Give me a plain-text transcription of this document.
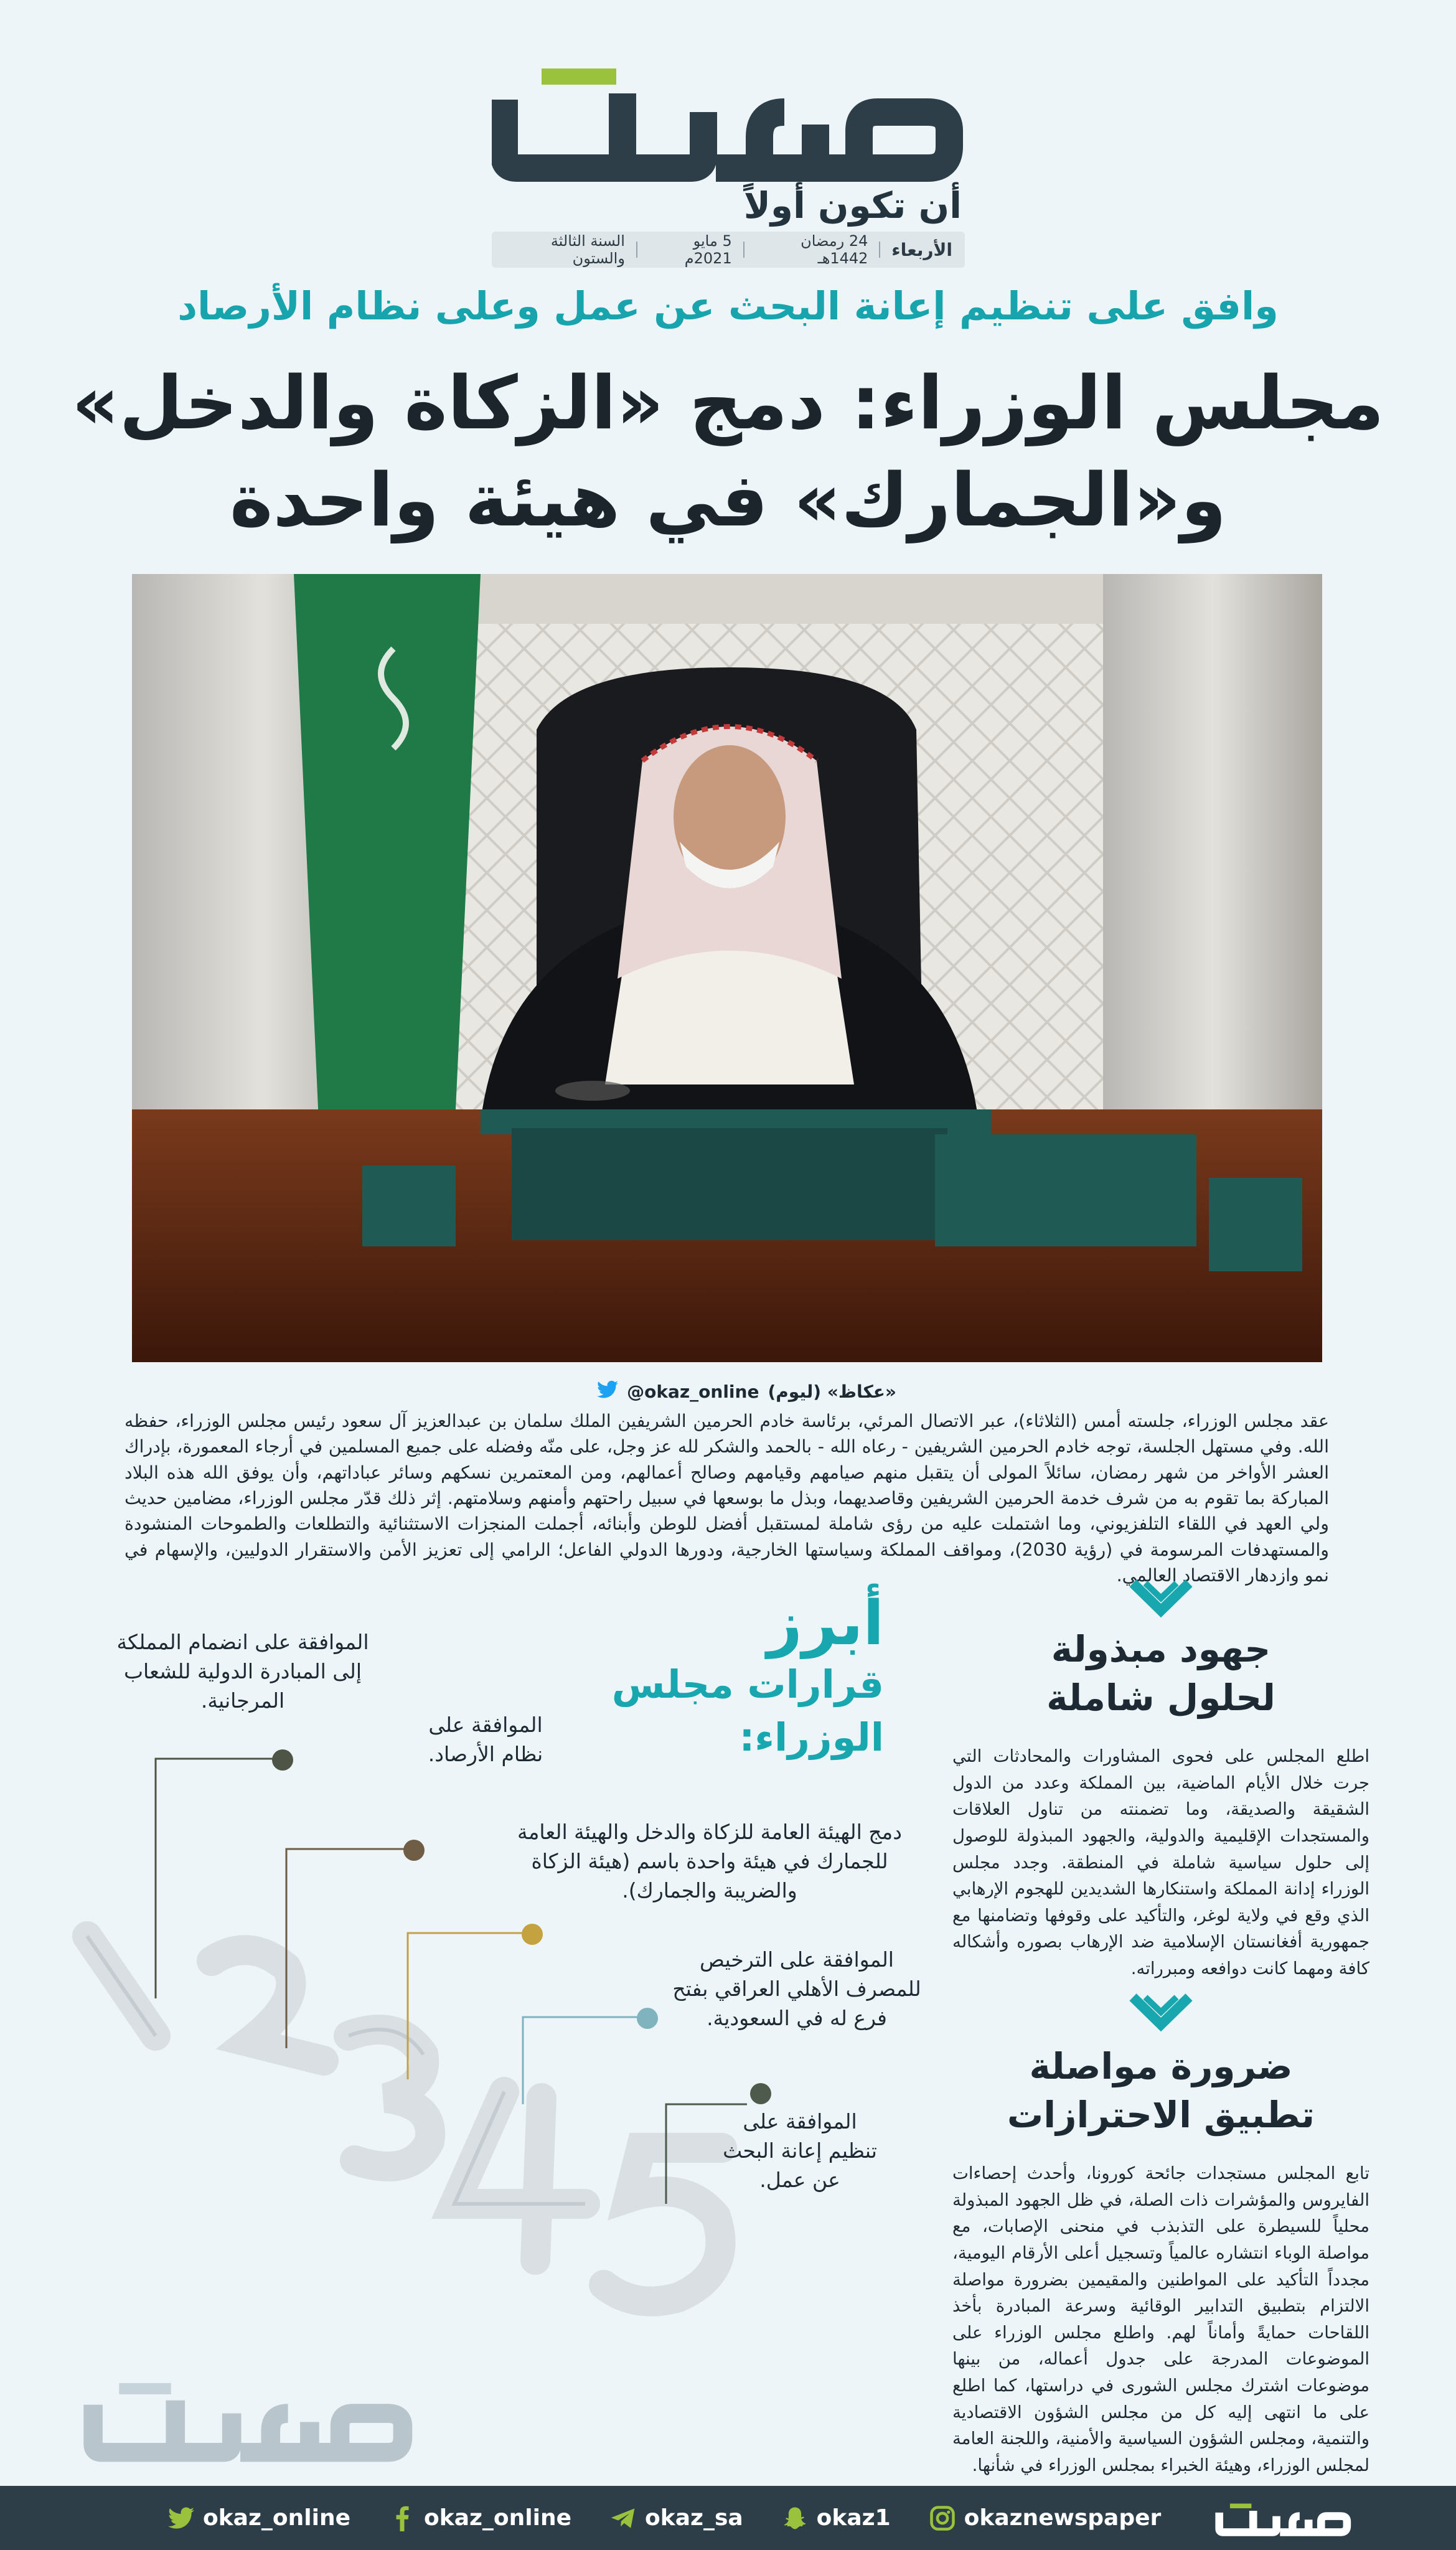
أن تكون أولاً
الأربعاء
24 رمضان 1442هـ
5 مايو 2021م
السنة الثالثة والستون
وافق على تنظيم إعانة البحث عن عمل وعلى نظام الأرصاد
مجلس الوزراء: دمج «الزكاة والدخل»
و«الجمارك» في هيئة واحدة
«عكاظ» (ليوم)
okaz_online@
عقد مجلس الوزراء، جلسته أمس (الثلاثاء)، عبر الاتصال المرئي، برئاسة خادم الحرمين الشريفين الملك سلمان بن عبدالعزيز آل سعود رئيس مجلس الوزراء، حفظه الله. وفي مستهل الجلسة، توجه خادم الحرمين الشريفين - رعاه الله - بالحمد والشكر لله عز وجل، على منّه وفضله على جميع المسلمين في أرجاء المعمورة، بإدراك العشر الأواخر من شهر رمضان، سائلاً المولى أن يتقبل منهم صيامهم وقيامهم وصالح أعمالهم، ومن المعتمرين نسكهم وسائر عباداتهم، وأن يوفق الله هذه البلاد المباركة بما تقوم به من شرف خدمة الحرمين الشريفين وقاصديهما، وبذل ما بوسعها في سبيل راحتهم وأمنهم وسلامتهم. إثر ذلك قدّر مجلس الوزراء، مضامين حديث ولي العهد في اللقاء التلفزيوني، وما اشتملت عليه من رؤى شاملة لمستقبل أفضل للوطن وأبنائه، أجملت المنجزات الاستثنائية والتطلعات والطموحات المنشودة والمستهدفات المرسومة في (رؤية 2030)، ومواقف المملكة وسياستها الخارجية، ودورها الدولي الفاعل؛ الرامي إلى تعزيز الأمن والاستقرار الدوليين، والإسهام في نمو وازدهار الاقتصاد العالمي.
الموافقة على انضمام المملكة إلى المبادرة الدولية للشعاب المرجانية.
الموافقة على نظام الأرصاد.
دمج الهيئة العامة للزكاة والدخل والهيئة العامة للجمارك في هيئة واحدة باسم (هيئة الزكاة والضريبة والجمارك).
الموافقة على الترخيص للمصرف الأهلي العراقي بفتح فرع له في السعودية.
الموافقة على تنظيم إعانة البحث عن عمل.
أبرز
قرارات مجلس
الوزراء:
جهود مبذولة
لحلول شاملة
اطلع المجلس على فحوى المشاورات والمحادثات التي جرت خلال الأيام الماضية، بين المملكة وعدد من الدول الشقيقة والصديقة، وما تضمنته من تناول العلاقات والمستجدات الإقليمية والدولية، والجهود المبذولة للوصول إلى حلول سياسية شاملة في المنطقة. وجدد مجلس الوزراء إدانة المملكة واستنكارها الشديدين للهجوم الإرهابي الذي وقع في ولاية لوغر، والتأكيد على وقوفها وتضامنها مع جمهورية أفغانستان الإسلامية ضد الإرهاب بصوره وأشكاله كافة ومهما كانت دوافعه ومبرراته.
ضرورة مواصلة
تطبيق الاحترازات
تابع المجلس مستجدات جائحة كورونا، وأحدث إحصاءات الفايروس والمؤشرات ذات الصلة، في ظل الجهود المبذولة محلياً للسيطرة على التذبذب في منحنى الإصابات، مع مواصلة الوباء انتشاره عالمياً وتسجيل أعلى الأرقام اليومية، مجدداً التأكيد على المواطنين والمقيمين بضرورة مواصلة الالتزام بتطبيق التدابير الوقائية وسرعة المبادرة بأخذ اللقاحات حمايةً وأماناً لهم. واطلع مجلس الوزراء على الموضوعات المدرجة على جدول أعماله، من بينها موضوعات اشترك مجلس الشورى في دراستها، كما اطلع على ما انتهى إليه كل من مجلس الشؤون الاقتصادية والتنمية، ومجلس الشؤون السياسية والأمنية، واللجنة العامة لمجلس الوزراء، وهيئة الخبراء بمجلس الوزراء في شأنها.
okaz_online	okaz_online	okaz_sa	okaz1	okaznewspaper
